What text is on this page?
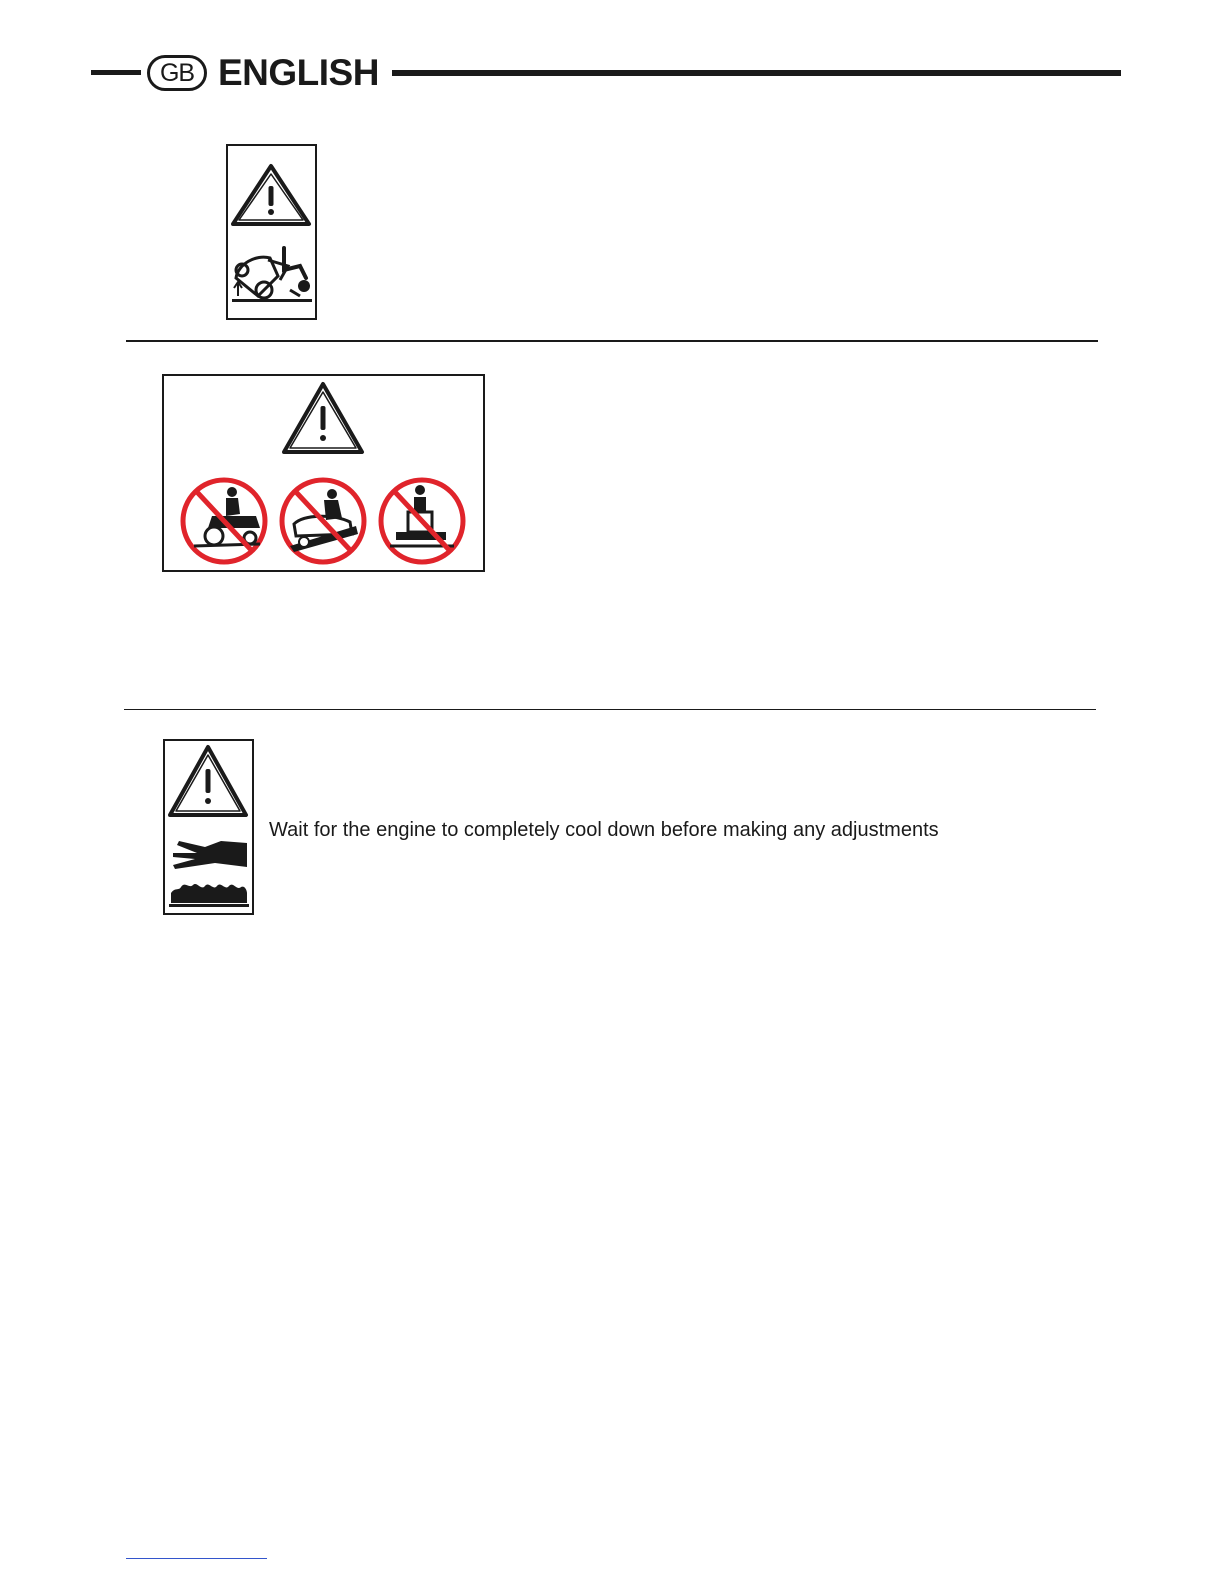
GB ENGLISH
Wait for the engine to completely cool down before making any adjustments
